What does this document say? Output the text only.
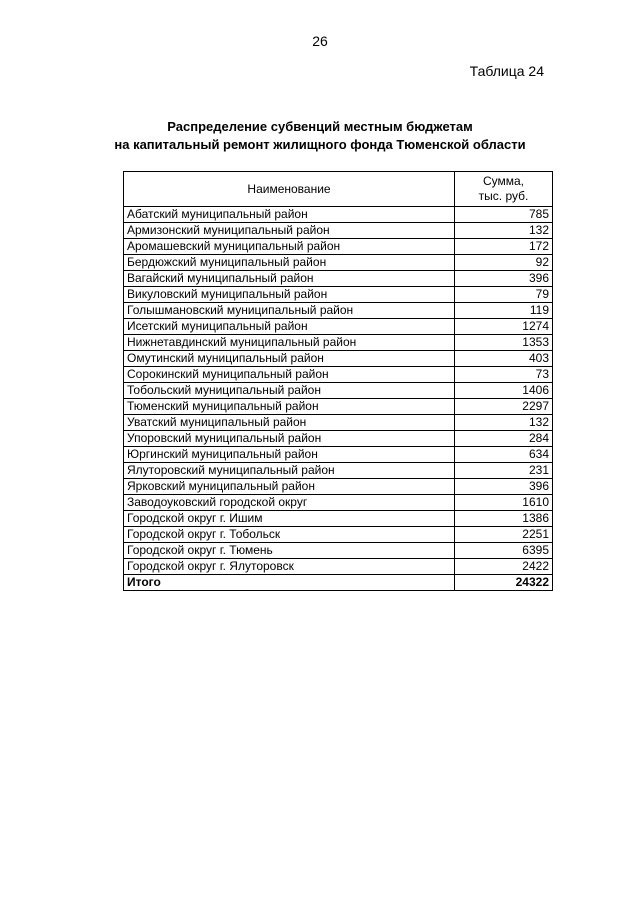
26
Таблица 24
Распределение субвенций местным бюджетам
на капитальный ремонт жилищного фонда Тюменской области
Наименование	Сумма,
тыс. руб.

Абатский муниципальный район	785
Армизонский муниципальный район	132
Аромашевский муниципальный район	172
Бердюжский муниципальный район	92
Вагайский муниципальный район	396
Викуловский муниципальный район	79
Голышмановский муниципальный район	119
Исетский муниципальный район	1274
Нижнетавдинский муниципальный район	1353
Омутинский муниципальный район	403
Сорокинский муниципальный район	73
Тобольский муниципальный район	1406
Тюменский муниципальный район	2297
Уватский муниципальный район	132
Упоровский муниципальный район	284
Юргинский муниципальный район	634
Ялуторовский муниципальный район	231
Ярковский муниципальный район	396
Заводоуковский городской округ	1610
Городской округ г. Ишим	1386
Городской округ г. Тобольск	2251
Городской округ г. Тюмень	6395
Городской округ г. Ялуторовск	2422
Итого	24322
